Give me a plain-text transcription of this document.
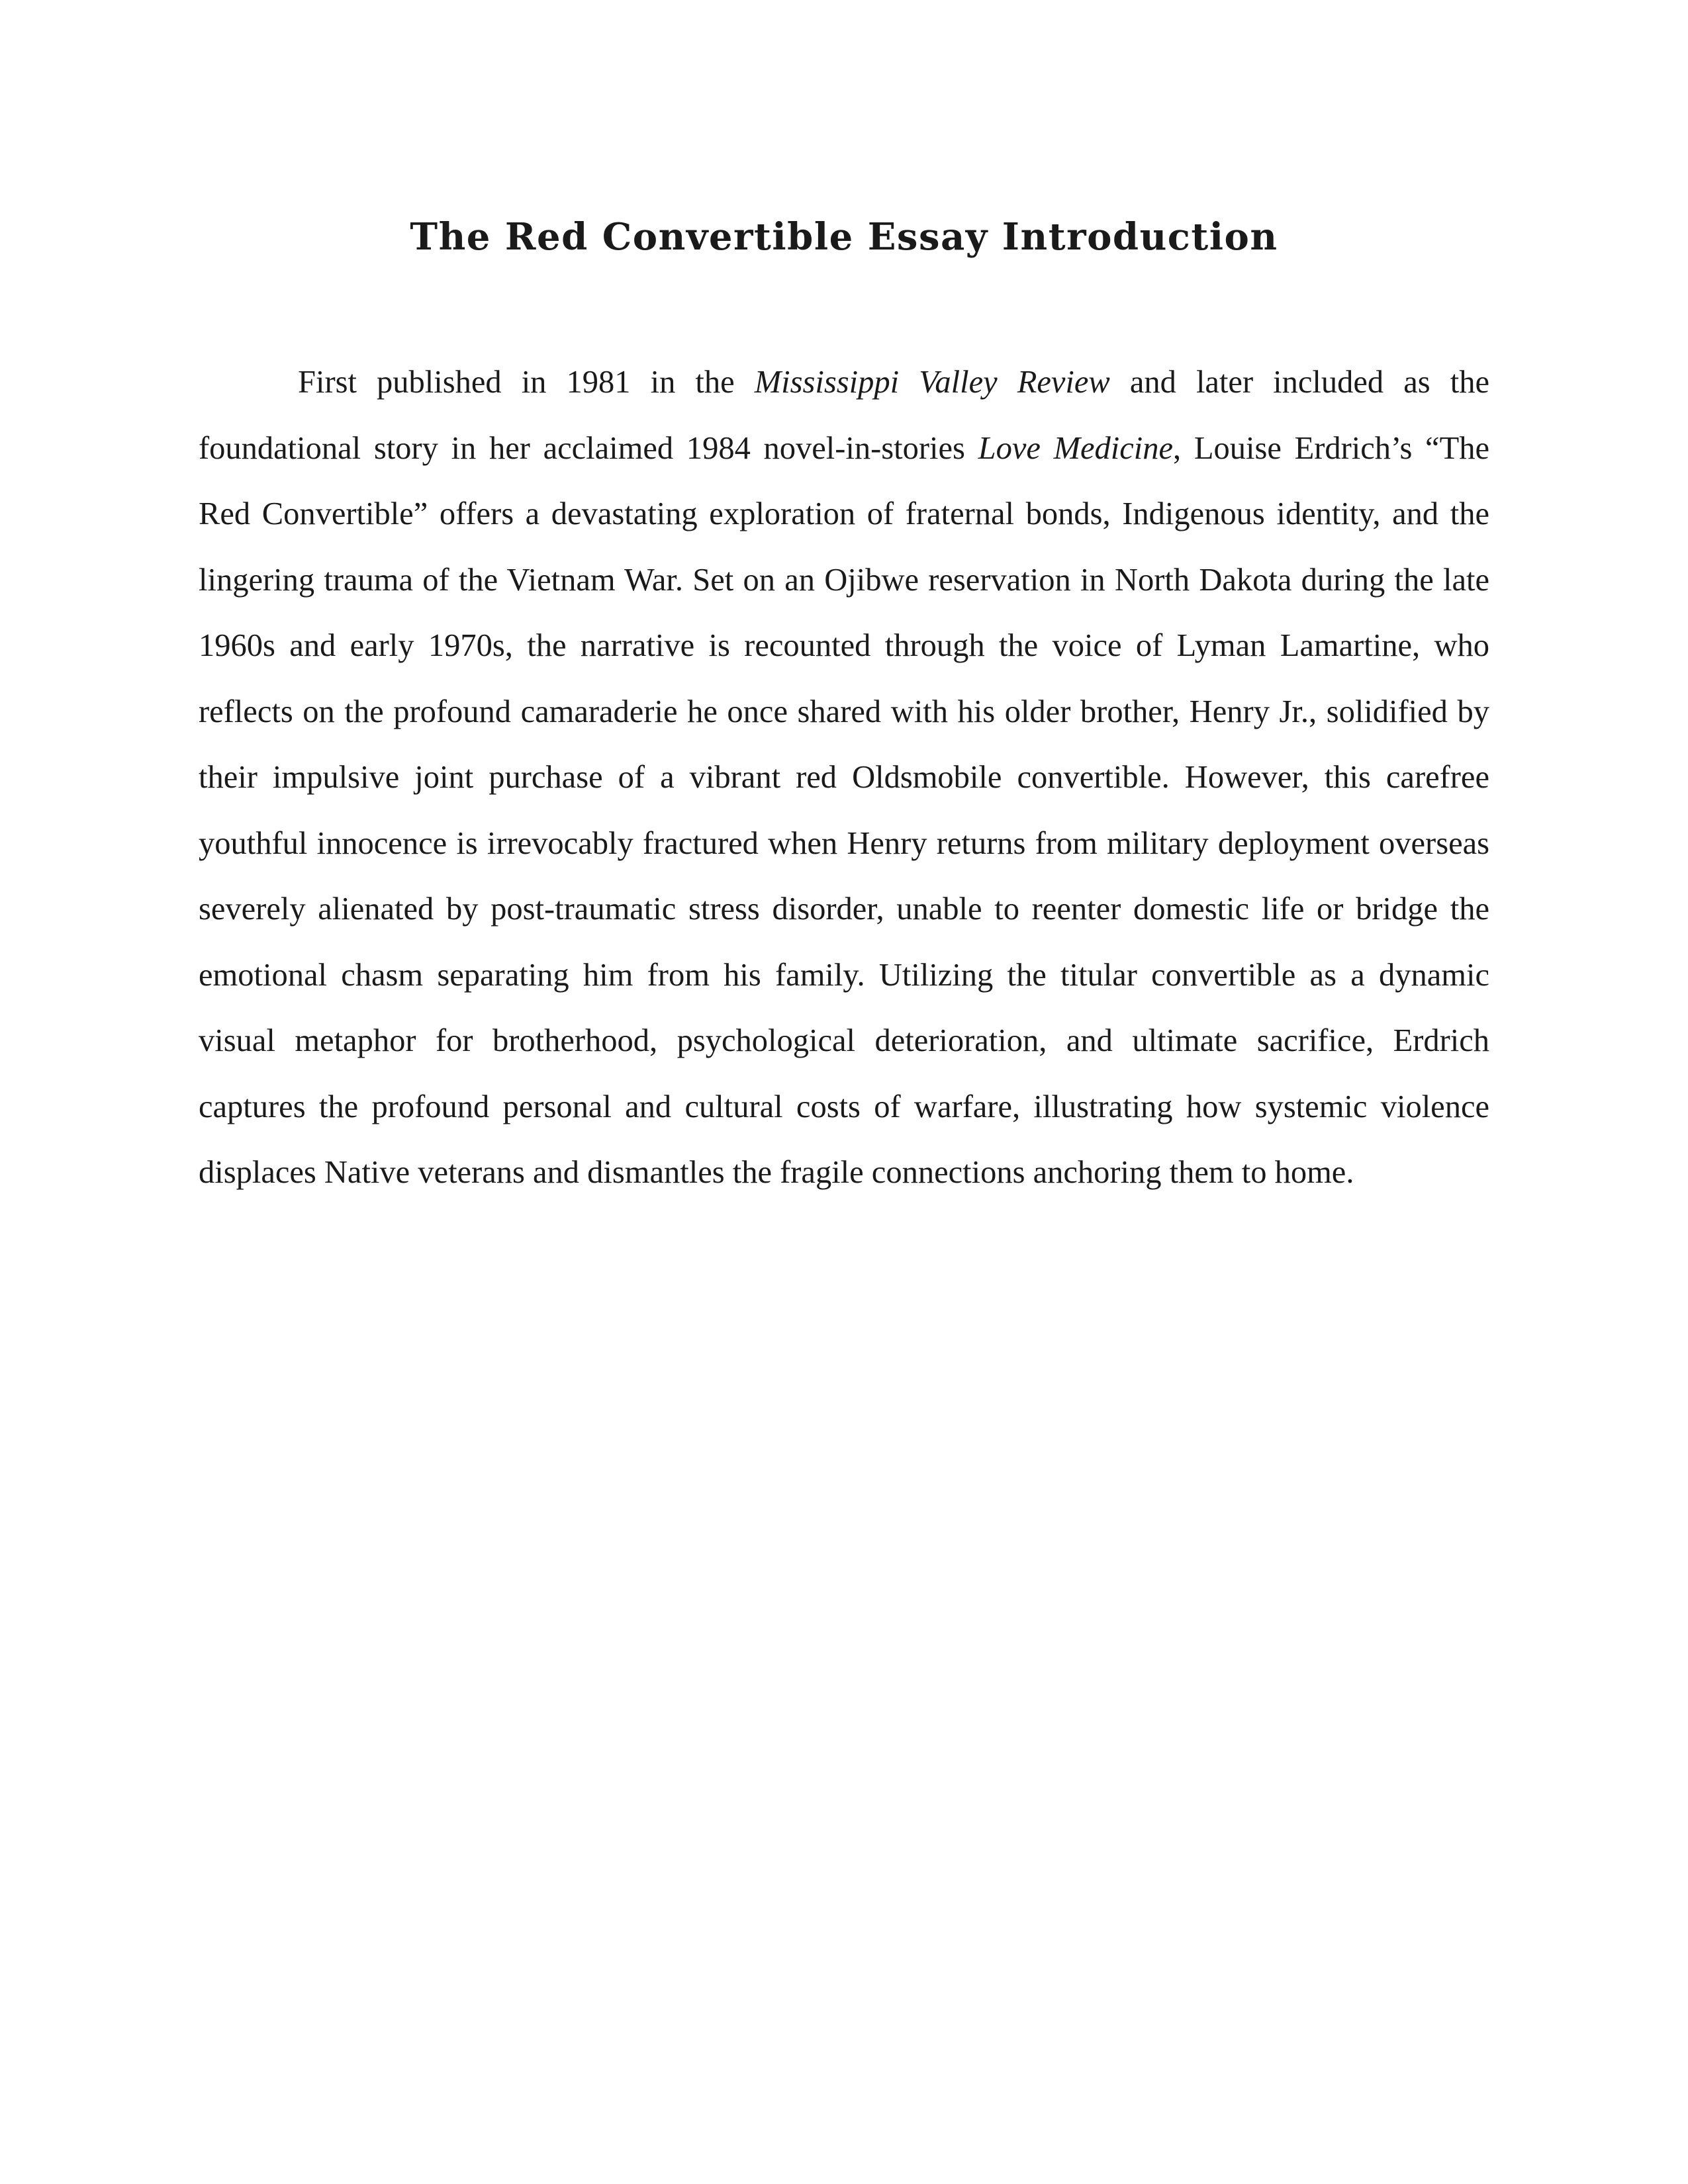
The Red Convertible Essay Introduction

First published in 1981 in the Mississippi Valley Review and later included as the foundational story in her acclaimed 1984 novel-in-stories Love Medicine, Louise Erdrich’s “The Red Convertible” offers a devastating exploration of fraternal bonds, Indigenous identity, and the lingering trauma of the Vietnam War. Set on an Ojibwe reservation in North Dakota during the late 1960s and early 1970s, the narrative is recounted through the voice of Lyman Lamartine, who reflects on the profound camaraderie he once shared with his older brother, Henry Jr., solidified by their impulsive joint purchase of a vibrant red Oldsmobile convertible. However, this carefree youthful innocence is irrevocably fractured when Henry returns from military deployment overseas severely alienated by post-traumatic stress disorder, unable to reenter domestic life or bridge the emotional chasm separating him from his family. Utilizing the titular convertible as a dynamic visual metaphor for brotherhood, psychological deterioration, and ultimate sacrifice, Erdrich captures the profound personal and cultural costs of warfare, illustrating how systemic violence displaces Native veterans and dismantles the fragile connections anchoring them to home.
